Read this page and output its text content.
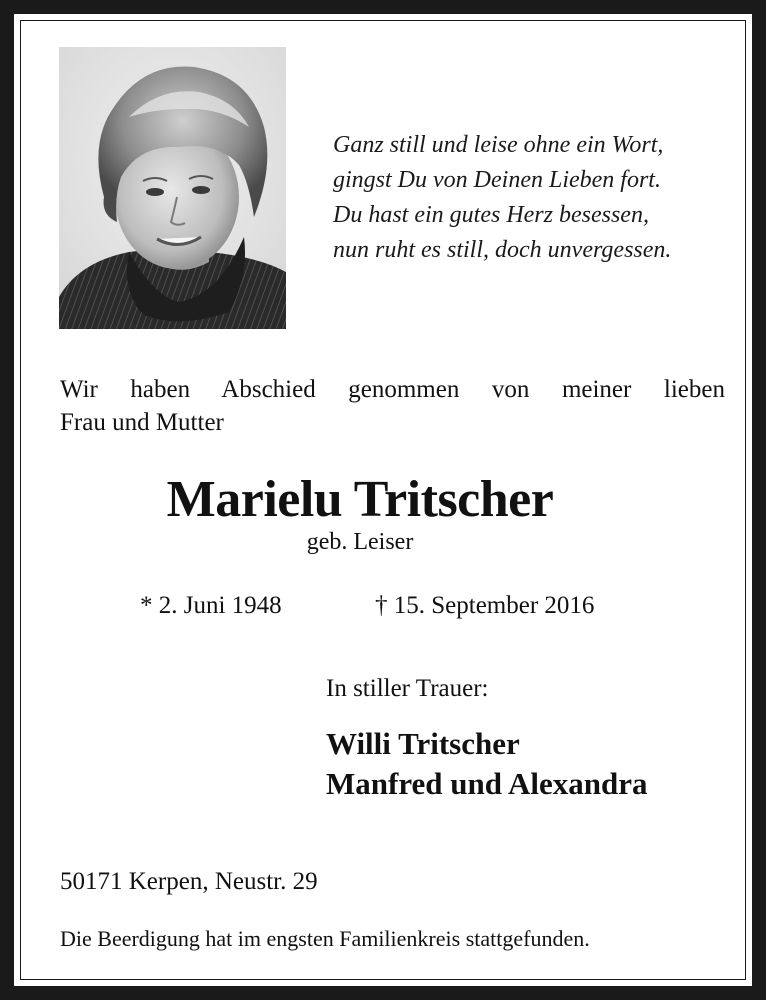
Ganz still und leise ohne ein Wort,
gingst Du von Deinen Lieben fort.
Du hast ein gutes Herz besessen,
nun ruht es still, doch unvergessen.
Wir haben Abschied genommen von meiner lieben
Frau und Mutter
Marielu Tritscher
geb. Leiser
* 2. Juni 1948	† 15. September 2016
In stiller Trauer:
Willi Tritscher
Manfred und Alexandra
50171 Kerpen, Neustr. 29
Die Beerdigung hat im engsten Familienkreis stattgefunden.
